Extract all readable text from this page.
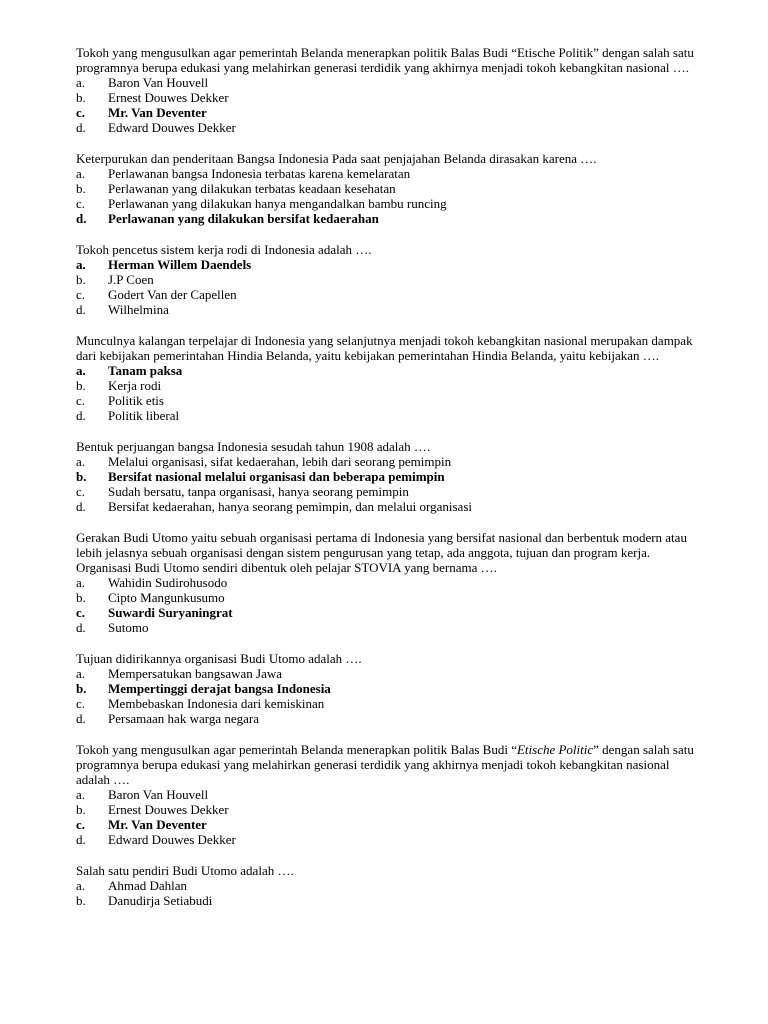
Tokoh yang mengusulkan agar pemerintah Belanda menerapkan politik Balas Budi “Etische Politik” dengan salah satu programnya berupa edukasi yang melahirkan generasi terdidik yang akhirnya menjadi tokoh kebangkitan nasional ….

a.	Baron Van Houvell
b.	Ernest Douwes Dekker
c.	Mr. Van Deventer
d.	Edward Douwes Dekker

Keterpurukan dan penderitaan Bangsa Indonesia Pada saat penjajahan Belanda dirasakan karena ….

a.	Perlawanan bangsa Indonesia terbatas karena kemelaratan
b.	Perlawanan yang dilakukan terbatas keadaan kesehatan
c.	Perlawanan yang dilakukan hanya mengandalkan bambu runcing
d.	Perlawanan yang dilakukan bersifat kedaerahan

Tokoh pencetus sistem kerja rodi di Indonesia adalah ….

a.	Herman Willem Daendels
b.	J.P Coen
c.	Godert Van der Capellen
d.	Wilhelmina

Munculnya kalangan terpelajar di Indonesia yang selanjutnya menjadi tokoh kebangkitan nasional merupakan dampak dari kebijakan pemerintahan Hindia Belanda, yaitu kebijakan pemerintahan Hindia Belanda, yaitu kebijakan ….

a.	Tanam paksa
b.	Kerja rodi
c.	Politik etis
d.	Politik liberal

Bentuk perjuangan bangsa Indonesia sesudah tahun 1908 adalah ….

a.	Melalui organisasi, sifat kedaerahan, lebih dari seorang pemimpin
b.	Bersifat nasional melalui organisasi dan beberapa pemimpin
c.	Sudah bersatu, tanpa organisasi, hanya seorang pemimpin
d.	Bersifat kedaerahan, hanya seorang pemimpin, dan melalui organisasi

Gerakan Budi Utomo yaitu sebuah organisasi pertama di Indonesia yang bersifat nasional dan berbentuk modern atau lebih jelasnya sebuah organisasi dengan sistem pengurusan yang tetap, ada anggota, tujuan dan program kerja. Organisasi Budi Utomo sendiri dibentuk oleh pelajar STOVIA yang bernama ….

a.	Wahidin Sudirohusodo
b.	Cipto Mangunkusumo
c.	Suwardi Suryaningrat
d.	Sutomo

Tujuan didirikannya organisasi Budi Utomo adalah ….

a.	Mempersatukan bangsawan Jawa
b.	Mempertinggi derajat bangsa Indonesia
c.	Membebaskan Indonesia dari kemiskinan
d.	Persamaan hak warga negara

Tokoh yang mengusulkan agar pemerintah Belanda menerapkan politik Balas Budi “Etische Politic” dengan salah satu programnya berupa edukasi yang melahirkan generasi terdidik yang akhirnya menjadi tokoh kebangkitan nasional adalah ….

a.	Baron Van Houvell
b.	Ernest Douwes Dekker
c.	Mr. Van Deventer
d.	Edward Douwes Dekker

Salah satu pendiri Budi Utomo adalah ….

a.	Ahmad Dahlan
b.	Danudirja Setiabudi
